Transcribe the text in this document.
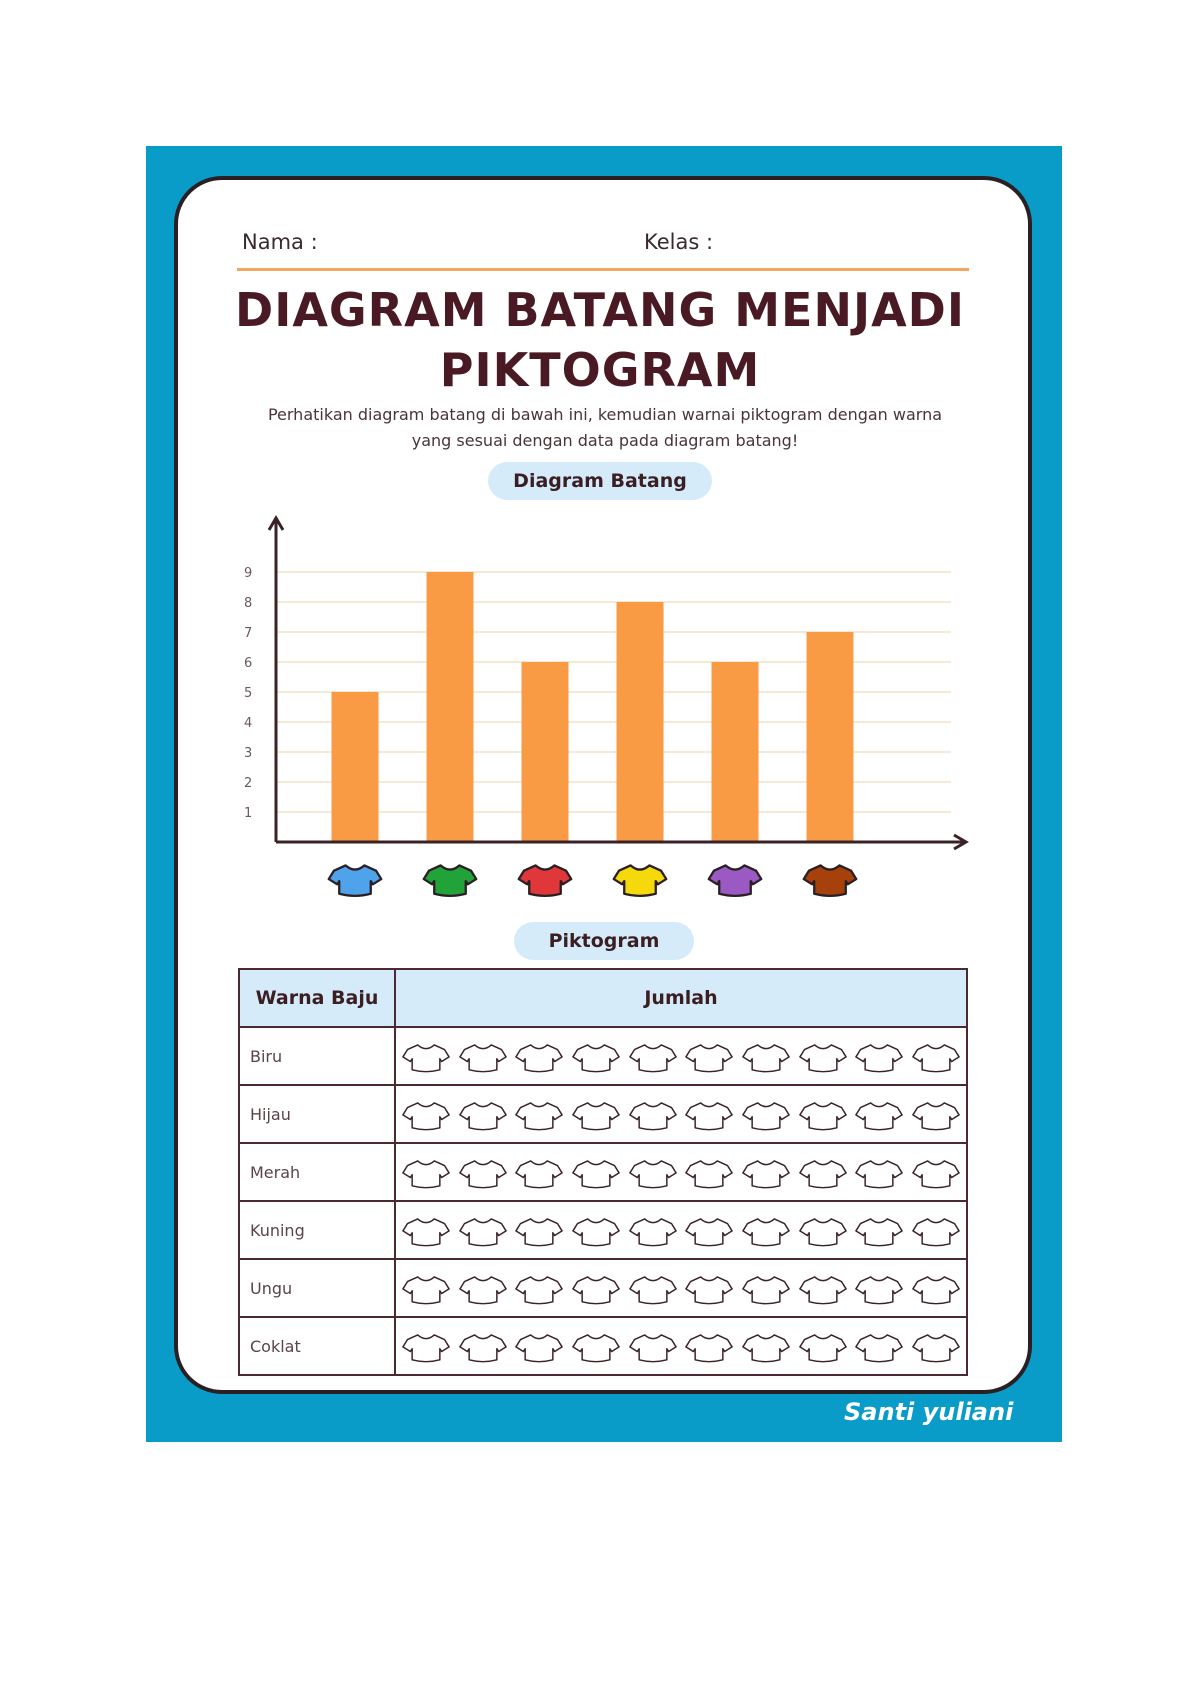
Nama :	Kelas :
DIAGRAM BATANG MENJADI
PIKTOGRAM
Perhatikan diagram batang di bawah ini, kemudian warnai piktogram dengan warna
yang sesuai dengan data pada diagram batang!
Diagram Batang
1
2
3
4
5
6
7
8
9
Piktogram
Warna Baju	Jumlah
Biru	

Hijau	

Merah	

Kuning	

Ungu	

Coklat	
Santi yuliani
